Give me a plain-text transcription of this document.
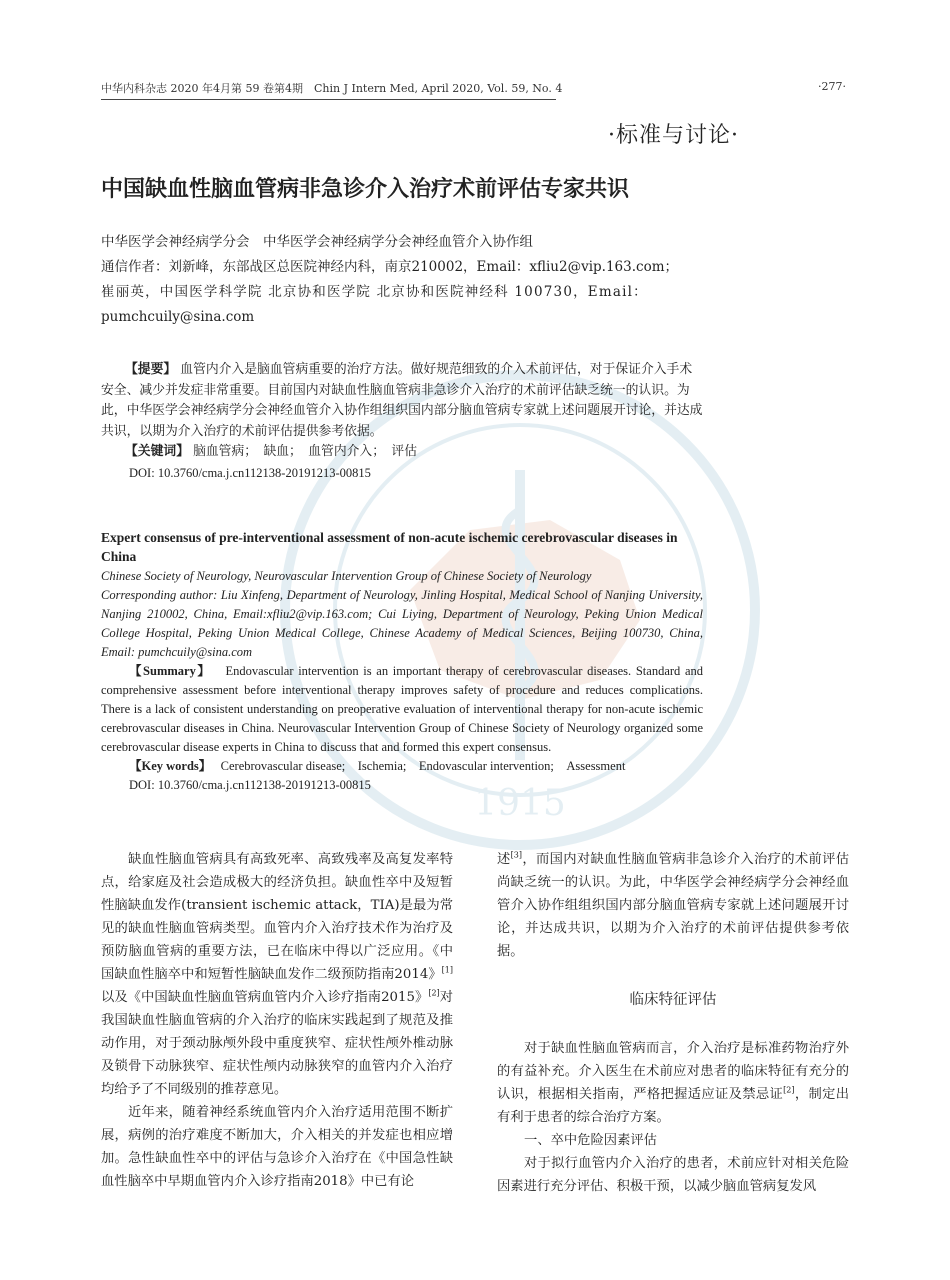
1915
中华内科杂志 2020 年4月第 59 卷第4期　Chin J Intern Med, April 2020, Vol. 59, No. 4	·277·
·标准与讨论·
中国缺血性脑血管病非急诊介入治疗术前评估专家共识
中华医学会神经病学分会　中华医学会神经病学分会神经血管介入协作组
通信作者：刘新峰，东部战区总医院神经内科，南京210002，Email：xfliu2@vip.163.com；
崔丽英，中国医学科学院 北京协和医学院 北京协和医院神经科 100730，Email：
pumchcuily@sina.com

【提要】 血管内介入是脑血管病重要的治疗方法。做好规范细致的介入术前评估，对于保证介入手术安全、减少并发症非常重要。目前国内对缺血性脑血管病非急诊介入治疗的术前评估缺乏统一的认识。为此，中华医学会神经病学分会神经血管介入协作组组织国内部分脑血管病专家就上述问题展开讨论，并达成共识，以期为介入治疗的术前评估提供参考依据。

【关键词】 脑血管病；　缺血；　血管内介入；　评估

DOI: 10.3760/cma.j.cn112138-20191213-00815

Expert consensus of pre-interventional assessment of non-acute ischemic cerebrovascular diseases in China

Chinese Society of Neurology, Neurovascular Intervention Group of Chinese Society of Neurology

Corresponding author: Liu Xinfeng, Department of Neurology, Jinling Hospital, Medical School of Nanjing University, Nanjing 210002, China, Email:xfliu2@vip.163.com; Cui Liying, Department of Neurology, Peking Union Medical College Hospital, Peking Union Medical College, Chinese Academy of Medical Sciences, Beijing 100730, China, Email: pumchcuily@sina.com

【Summary】 Endovascular intervention is an important therapy of cerebrovascular diseases. Standard and comprehensive assessment before interventional therapy improves safety of procedure and reduces complications. There is a lack of consistent understanding on preoperative evaluation of interventional therapy for non-acute ischemic cerebrovascular diseases in China. Neurovascular Intervention Group of Chinese Society of Neurology organized some cerebrovascular disease experts in China to discuss that and formed this expert consensus.

【Key words】 Cerebrovascular disease;　Ischemia;　Endovascular intervention;　Assessment

DOI: 10.3760/cma.j.cn112138-20191213-00815

缺血性脑血管病具有高致死率、高致残率及高复发率特点，给家庭及社会造成极大的经济负担。缺血性卒中及短暂性脑缺血发作(transient ischemic attack，TIA)是最为常见的缺血性脑血管病类型。血管内介入治疗技术作为治疗及预防脑血管病的重要方法，已在临床中得以广泛应用。《中国缺血性脑卒中和短暂性脑缺血发作二级预防指南2014》[1]以及《中国缺血性脑血管病血管内介入诊疗指南2015》[2]对我国缺血性脑血管病的介入治疗的临床实践起到了规范及推动作用，对于颈动脉颅外段中重度狭窄、症状性颅外椎动脉及锁骨下动脉狭窄、症状性颅内动脉狭窄的血管内介入治疗均给予了不同级别的推荐意见。

近年来，随着神经系统血管内介入治疗适用范围不断扩展，病例的治疗难度不断加大，介入相关的并发症也相应增加。急性缺血性卒中的评估与急诊介入治疗在《中国急性缺血性脑卒中早期血管内介入诊疗指南2018》中已有论

述[3]，而国内对缺血性脑血管病非急诊介入治疗的术前评估尚缺乏统一的认识。为此，中华医学会神经病学分会神经血管介入协作组组织国内部分脑血管病专家就上述问题展开讨论，并达成共识，以期为介入治疗的术前评估提供参考依据。

临床特征评估

对于缺血性脑血管病而言，介入治疗是标准药物治疗外的有益补充。介入医生在术前应对患者的临床特征有充分的认识，根据相关指南，严格把握适应证及禁忌证[2]，制定出有利于患者的综合治疗方案。

一、卒中危险因素评估

对于拟行血管内介入治疗的患者，术前应针对相关危险因素进行充分评估、积极干预，以减少脑血管病复发风
